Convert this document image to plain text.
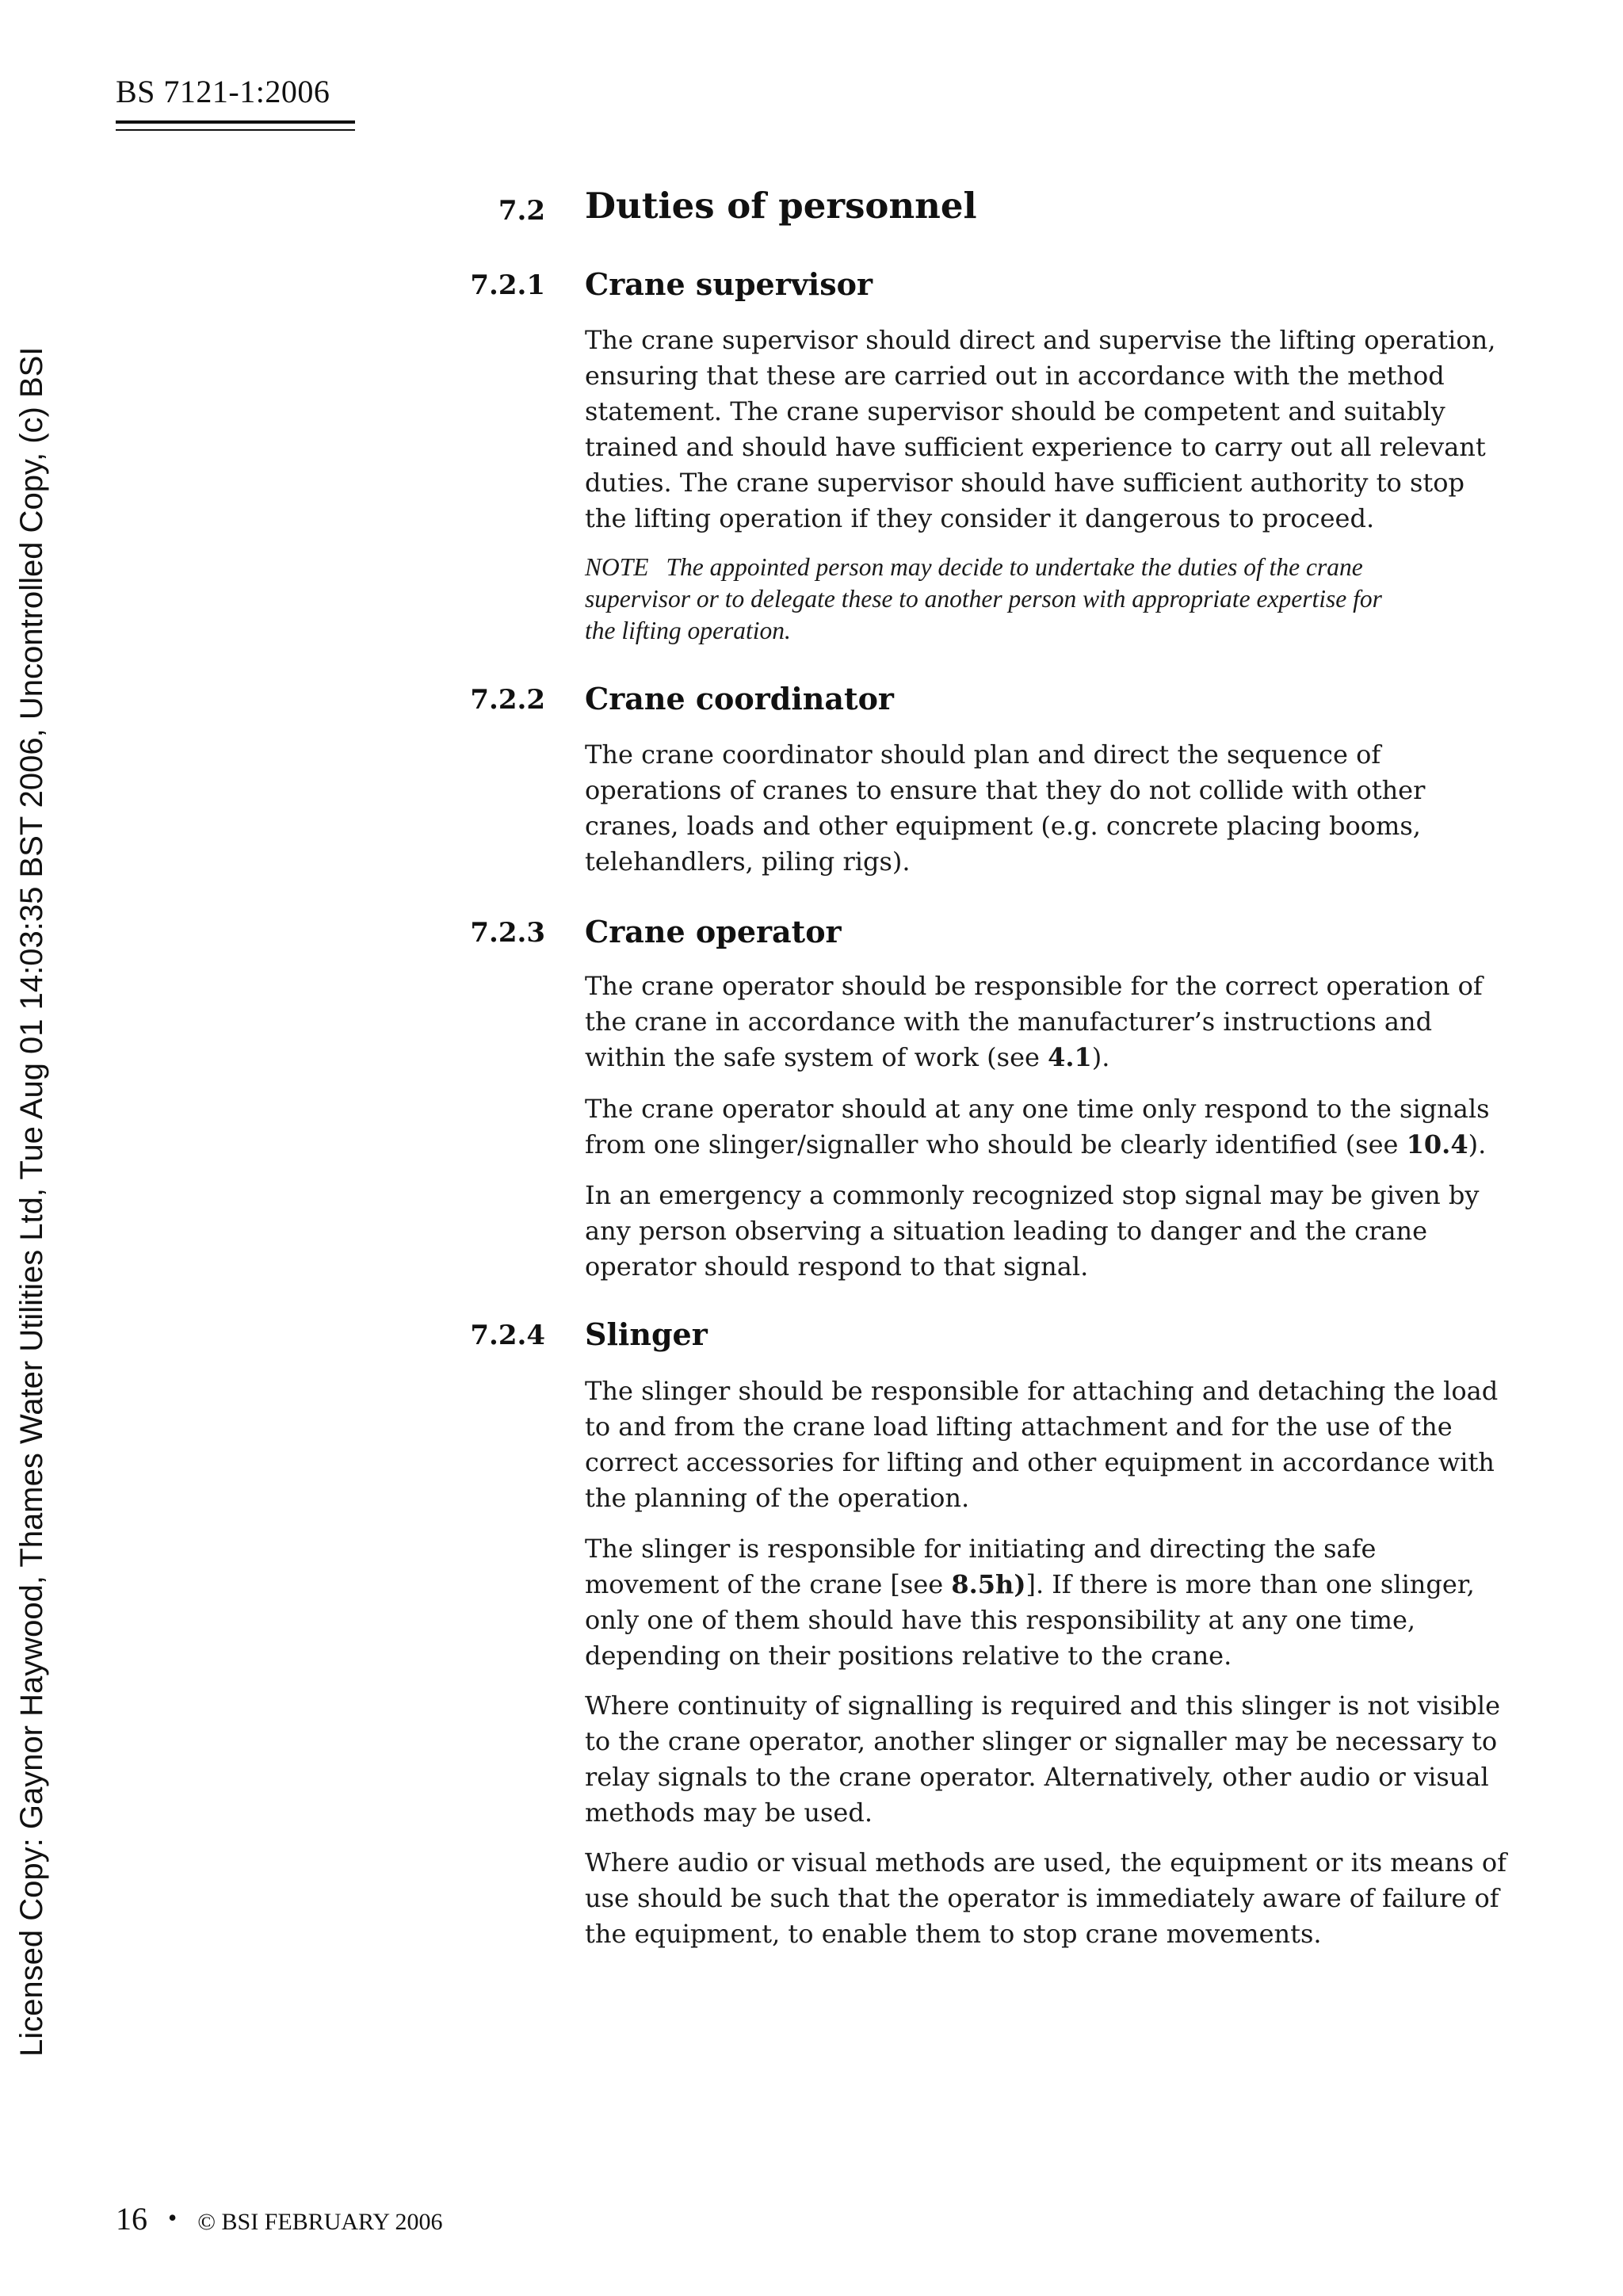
BS 7121-1:2006
Licensed Copy: Gaynor Haywood, Thames Water Utilities Ltd, Tue Aug 01 14:03:35 BST 2006, Uncontrolled Copy, (c) BSI
7.2 Duties of personnel
7.2.1 Crane supervisor
The crane supervisor should direct and supervise the lifting operation,
ensuring that these are carried out in accordance with the method
statement. The crane supervisor should be competent and suitably
trained and should have sufficient experience to carry out all relevant
duties. The crane supervisor should have sufficient authority to stop
the lifting operation if they consider it dangerous to proceed.
NOTE The appointed person may decide to undertake the duties of the crane
supervisor or to delegate these to another person with appropriate expertise for
the lifting operation.
7.2.2 Crane coordinator
The crane coordinator should plan and direct the sequence of
operations of cranes to ensure that they do not collide with other
cranes, loads and other equipment (e.g. concrete placing booms,
telehandlers, piling rigs).
7.2.3 Crane operator
The crane operator should be responsible for the correct operation of
the crane in accordance with the manufacturer’s instructions and
within the safe system of work (see 4.1).
The crane operator should at any one time only respond to the signals
from one slinger/signaller who should be clearly identified (see 10.4).
In an emergency a commonly recognized stop signal may be given by
any person observing a situation leading to danger and the crane
operator should respond to that signal.
7.2.4 Slinger
The slinger should be responsible for attaching and detaching the load
to and from the crane load lifting attachment and for the use of the
correct accessories for lifting and other equipment in accordance with
the planning of the operation.
The slinger is responsible for initiating and directing the safe
movement of the crane [see 8.5h)]. If there is more than one slinger,
only one of them should have this responsibility at any one time,
depending on their positions relative to the crane.
Where continuity of signalling is required and this slinger is not visible
to the crane operator, another slinger or signaller may be necessary to
relay signals to the crane operator. Alternatively, other audio or visual
methods may be used.
Where audio or visual methods are used, the equipment or its means of
use should be such that the operator is immediately aware of failure of
the equipment, to enable them to stop crane movements.
16 • © BSI FEBRUARY 2006
